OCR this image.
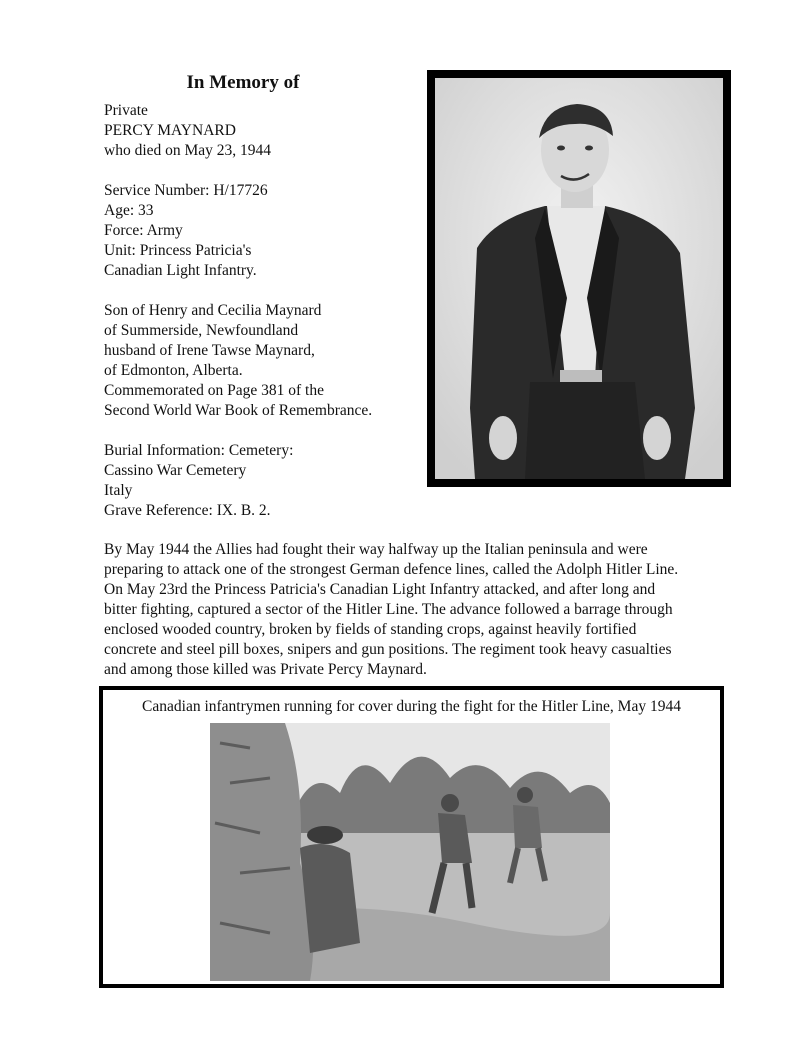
In Memory of
Private
PERCY MAYNARD
who died on May 23, 1944
Service Number: H/17726
Age: 33
Force: Army
Unit: Princess Patricia's
Canadian Light Infantry.
Son of Henry and Cecilia Maynard
of Summerside, Newfoundland
husband of Irene Tawse Maynard,
of Edmonton, Alberta.
Commemorated on Page 381 of the
Second World War Book of Remembrance.
Burial Information: Cemetery:
Cassino War Cemetery
Italy
Grave Reference: IX. B. 2.
By May 1944 the Allies had fought their way halfway up the Italian peninsula and were
preparing to attack one of the strongest German defence lines, called the Adolph Hitler Line.
On May 23rd the Princess Patricia's Canadian Light Infantry attacked, and after long and
bitter fighting, captured a sector of the Hitler Line. The advance followed a barrage through
enclosed wooded country, broken by fields of standing crops, against heavily fortified
concrete and steel pill boxes, snipers and gun positions. The regiment took heavy casualties
and among those killed was Private Percy Maynard.
Canadian infantrymen running for cover during the fight for the Hitler Line, May 1944
